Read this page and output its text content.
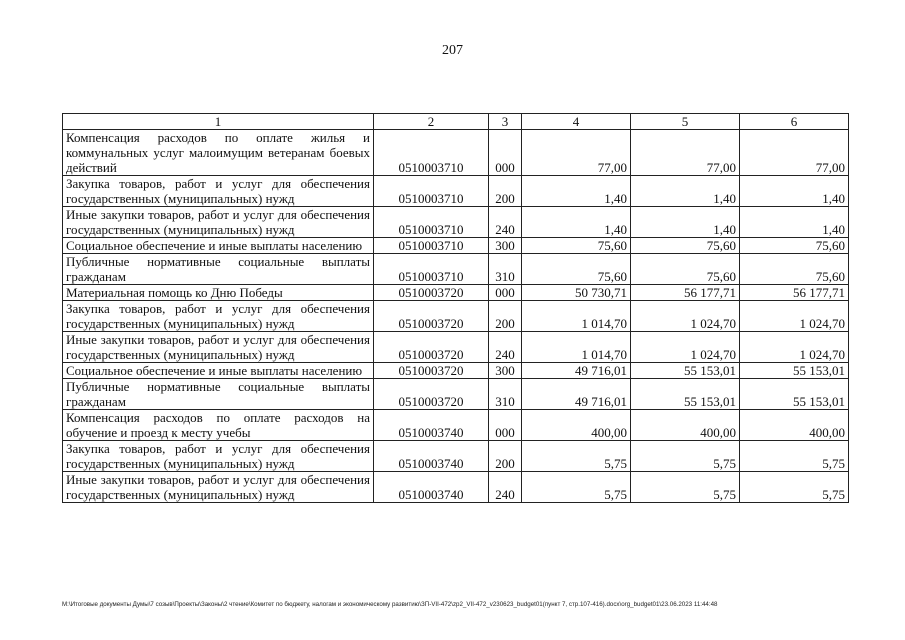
207
1	2	3	4	5	6
Компенсация расходов по оплате жилья и коммунальных услуг малоимущим ветеранам боевых действий	0510003710	000	77,00	77,00	77,00
Закупка товаров, работ и услуг для обеспечения государственных (муниципальных) нужд	0510003710	200	1,40	1,40	1,40
Иные закупки товаров, работ и услуг для обеспечения государственных (муниципальных) нужд	0510003710	240	1,40	1,40	1,40
Социальное обеспечение и иные выплаты населению	0510003710	300	75,60	75,60	75,60
Публичные нормативные социальные выплаты гражданам	0510003710	310	75,60	75,60	75,60
Материальная помощь ко Дню Победы	0510003720	000	50 730,71	56 177,71	56 177,71
Закупка товаров, работ и услуг для обеспечения государственных (муниципальных) нужд	0510003720	200	1 014,70	1 024,70	1 024,70
Иные закупки товаров, работ и услуг для обеспечения государственных (муниципальных) нужд	0510003720	240	1 014,70	1 024,70	1 024,70
Социальное обеспечение и иные выплаты населению	0510003720	300	49 716,01	55 153,01	55 153,01
Публичные нормативные социальные выплаты гражданам	0510003720	310	49 716,01	55 153,01	55 153,01
Компенсация расходов по оплате расходов на обучение и проезд к месту учебы	0510003740	000	400,00	400,00	400,00
Закупка товаров, работ и услуг для обеспечения государственных (муниципальных) нужд	0510003740	200	5,75	5,75	5,75
Иные закупки товаров, работ и услуг для обеспечения государственных (муниципальных) нужд	0510003740	240	5,75	5,75	5,75
M:\Итоговые документы Думы\7 созыв\Проекты\Законы\2 чтение\Комитет по бюджету, налогам и экономическому развитию\ЗП-VII-472\zp2_VII-472_v230623_budget01(пункт 7, стр.107-416).docx\org_budget01\23.06.2023 11:44:48
